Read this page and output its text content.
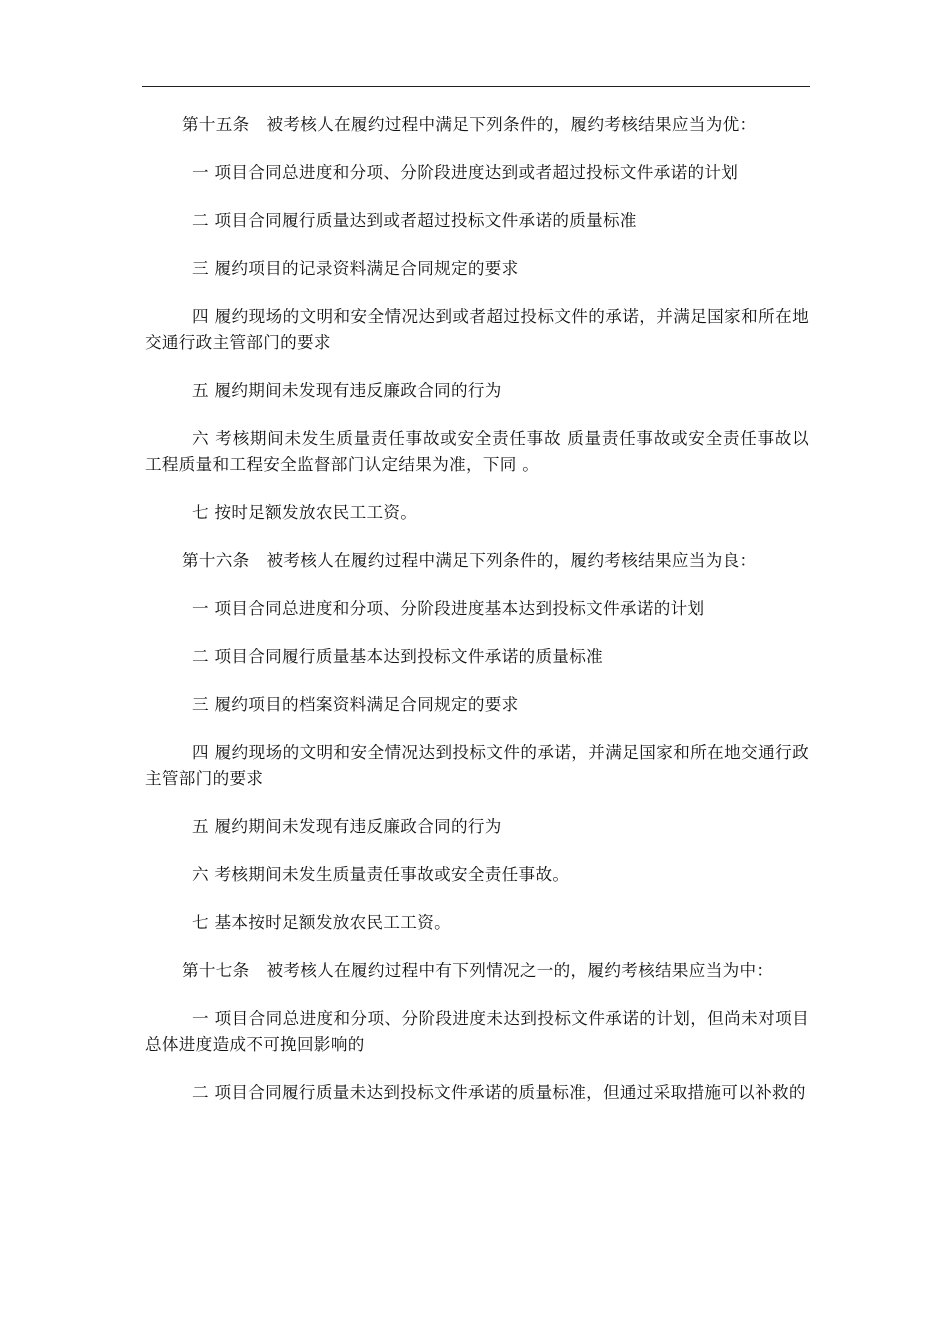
第十五条　被考核人在履约过程中满足下列条件的，履约考核结果应当为优：

一 项目合同总进度和分项、分阶段进度达到或者超过投标文件承诺的计划

二 项目合同履行质量达到或者超过投标文件承诺的质量标准

三 履约项目的记录资料满足合同规定的要求

四 履约现场的文明和安全情况达到或者超过投标文件的承诺，并满足国家和所在地交通行政主管部门的要求

五 履约期间未发现有违反廉政合同的行为

六 考核期间未发生质量责任事故或安全责任事故 质量责任事故或安全责任事故以工程质量和工程安全监督部门认定结果为准，下同 。

七 按时足额发放农民工工资。

第十六条　被考核人在履约过程中满足下列条件的，履约考核结果应当为良：

一 项目合同总进度和分项、分阶段进度基本达到投标文件承诺的计划

二 项目合同履行质量基本达到投标文件承诺的质量标准

三 履约项目的档案资料满足合同规定的要求

四 履约现场的文明和安全情况达到投标文件的承诺，并满足国家和所在地交通行政主管部门的要求

五 履约期间未发现有违反廉政合同的行为

六 考核期间未发生质量责任事故或安全责任事故。

七 基本按时足额发放农民工工资。

第十七条　被考核人在履约过程中有下列情况之一的，履约考核结果应当为中：

一 项目合同总进度和分项、分阶段进度未达到投标文件承诺的计划，但尚未对项目总体进度造成不可挽回影响的

二 项目合同履行质量未达到投标文件承诺的质量标准，但通过采取措施可以补救的
